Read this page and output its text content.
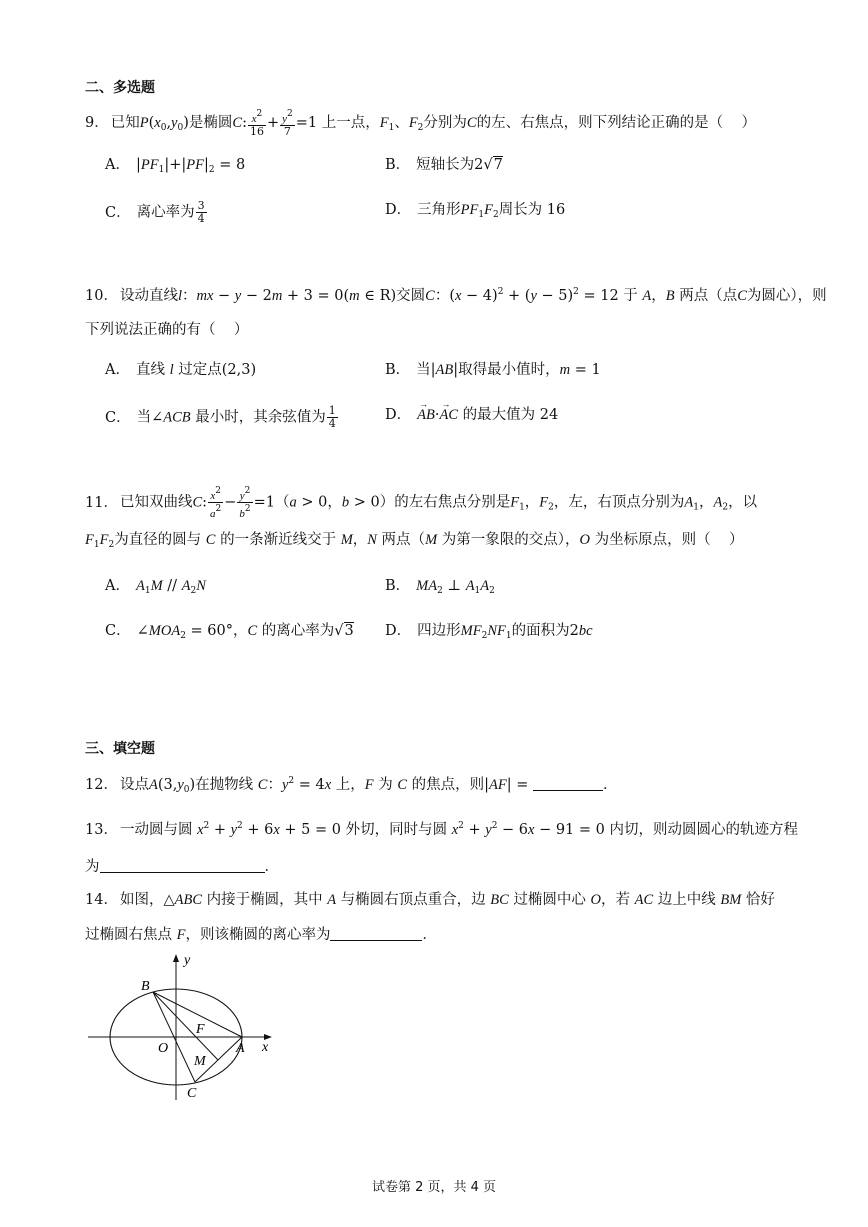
二、多选题
9． 已知$P(x_0,y_0)$是椭圆C: $\frac{x^2}{16} + \frac{y^2}{7} =1$ 上一点，$F_1$、$F_2$分别为C的左、右焦点，则下列结论正确的是（    ）
A． $|PF_1|+|PF|_2 = 8$	B． 短轴长为2√7
C． 离心率为 $\frac{3}{4}$	D． 三角形$PF_1F_2$周长为 16
10． 设动直线l：mx − y − 2m + 3 = 0(m ∈ R)交圆C：$(x - 4)^2 + (y - 5)^2 = 12$ 于 A，B 两点（点C为圆心），则
下列说法正确的有（    ）
A． 直线 l 过定点(2,3)	B． 当|AB|取得最小值时，m = 1
C． 当∠ACB 最小时，其余弦值为 $\frac{1}{4}$	D．→ AB·→ AC 的最大值为 24
11． 已知双曲线C: $\frac{x^2}{a^2} - \frac{y^2}{b^2} =1(a > 0$，b > 0）的左右焦点分别是$F_1$，$F_2$，左，右顶点分别为$A_1$，$A_2$，以
$F_1F_2$为直径的圆与 C 的一条渐近线交于 M，N 两点（M 为第一象限的交点），O 为坐标原点，则（    ）
A． $A_1M // A_2N$	B． $MA_2$ ⊥ $A_1A_2$
C． $\angle MOA_2 = 60^\circ$，C 的离心率为√3 D． 四边形$MF_2NF_1$的面积为2bc
三、填空题
12． 设点$A(3,y_0)$在抛物线 C：$y^2 = 4x$ 上，F 为 C 的焦点，则|AF| =	．
13． 一动圆与圆 $x^2 + y^2 + 6x + 5 = 0$ 外切，同时与圆 $x^2 + y^2 - 6x - 91 = 0$ 内切，则动圆圆心的轨迹方程
为	．
14． 如图，△ABC 内接于椭圆，其中 A 与椭圆右顶点重合，边 BC 过椭圆中心 O，若 AC 边上中线 BM 恰好
过椭圆右焦点 F，则该椭圆的离心率为	．
y
x
B
F
O	A
M
C
试卷第 2 页，共 4 页
